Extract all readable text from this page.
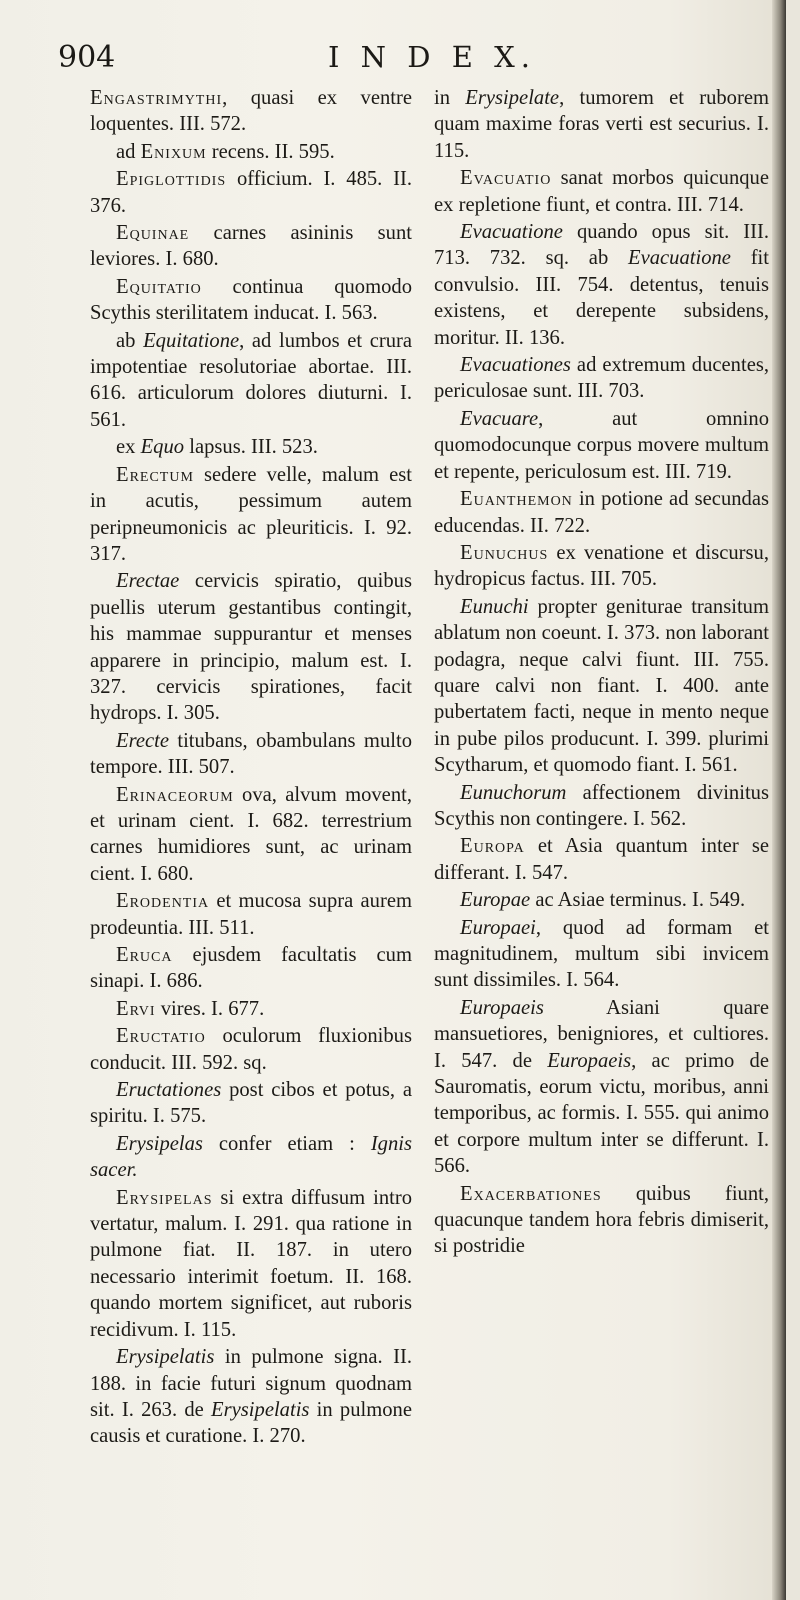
904	I N D E X.

Engastrimythi, quasi ex ventre loquentes. III. 572.

ad Enixum recens. II. 595.

Epiglottidis officium. I. 485. II. 376.

Equinae carnes asininis sunt leviores. I. 680.

Equitatio continua quomodo Scythis sterilitatem inducat. I. 563.

ab Equitatione, ad lumbos et crura impotentiae resolutoriae abortae. III. 616. articulorum dolores diuturni. I. 561.

ex Equo lapsus. III. 523.

Erectum sedere velle, malum est in acutis, pessimum autem peripneumonicis ac pleuriticis. I. 92. 317.

Erectae cervicis spiratio, quibus puellis uterum gestantibus contingit, his mammae suppurantur et menses apparere in principio, malum est. I. 327. cervicis spirationes, facit hydrops. I. 305.

Erecte titubans, obambulans multo tempore. III. 507.

Erinaceorum ova, alvum movent, et urinam cient. I. 682. terrestrium carnes humidiores sunt, ac urinam cient. I. 680.

Erodentia et mucosa supra aurem prodeuntia. III. 511.

Eruca ejusdem facultatis cum sinapi. I. 686.

Ervi vires. I. 677.

Eructatio oculorum fluxionibus conducit. III. 592. sq.

Eructationes post cibos et potus, a spiritu. I. 575.

Erysipelas confer etiam : Ignis sacer.

Erysipelas si extra diffusum intro vertatur, malum. I. 291. qua ratione in pulmone fiat. II. 187. in utero necessario interimit foetum. II. 168. quando mortem significet, aut ruboris recidivum. I. 115.

Erysipelatis in pulmone signa. II. 188. in facie futuri signum quodnam sit. I. 263. de Erysipelatis in pulmone causis et curatione. I. 270.

in Erysipelate, tumorem et ruborem quam maxime foras verti est securius. I. 115.

Evacuatio sanat morbos quicunque ex repletione fiunt, et contra. III. 714.

Evacuatione quando opus sit. III. 713. 732. sq. ab Evacuatione fit convulsio. III. 754. detentus, tenuis existens, et derepente subsidens, moritur. II. 136.

Evacuationes ad extremum ducentes, periculosae sunt. III. 703.

Evacuare, aut omnino quomodocunque corpus movere multum et repente, periculosum est. III. 719.

Euanthemon in potione ad secundas educendas. II. 722.

Eunuchus ex venatione et discursu, hydropicus factus. III. 705.

Eunuchi propter geniturae transitum ablatum non coeunt. I. 373. non laborant podagra, neque calvi fiunt. III. 755. quare calvi non fiant. I. 400. ante pubertatem facti, neque in mento neque in pube pilos producunt. I. 399. plurimi Scytharum, et quomodo fiant. I. 561.

Eunuchorum affectionem divinitus Scythis non contingere. I. 562.

Europa et Asia quantum inter se differant. I. 547.

Europae ac Asiae terminus. I. 549.

Europaei, quod ad formam et magnitudinem, multum sibi invicem sunt dissimiles. I. 564.

Europaeis Asiani quare mansuetiores, benigniores, et cultiores. I. 547. de Europaeis, ac primo de Sauromatis, eorum victu, moribus, anni temporibus, ac formis. I. 555. qui animo et corpore multum inter se differunt. I. 566.

Exacerbationes quibus fiunt, quacunque tandem hora febris dimiserit, si postridie
